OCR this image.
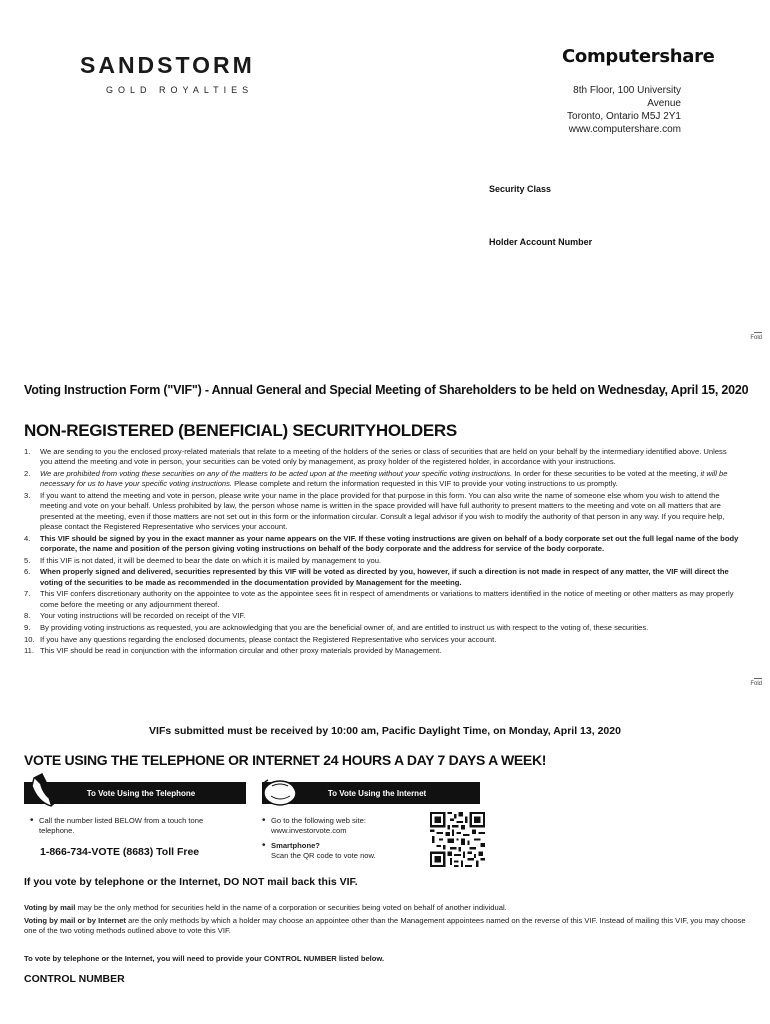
SANDSTORM
GOLD ROYALTIES
Computershare
8th Floor, 100 University Avenue
Toronto, Ontario M5J 2Y1
www.computershare.com
Security Class
Holder Account Number
Fold
Fold
Voting Instruction Form ("VIF") - Annual General and Special Meeting of Shareholders to be held on Wednesday, April 15, 2020
NON-REGISTERED (BENEFICIAL) SECURITYHOLDERS
1.	We are sending to you the enclosed proxy-related materials that relate to a meeting of the holders of the series or class of securities that are held on your behalf by the intermediary identified above. Unless you attend the meeting and vote in person, your securities can be voted only by management, as proxy holder of the registered holder, in accordance with your instructions.
2.	We are prohibited from voting these securities on any of the matters to be acted upon at the meeting without your specific voting instructions. In order for these securities to be voted at the meeting, it will be necessary for us to have your specific voting instructions. Please complete and return the information requested in this VIF to provide your voting instructions to us promptly.
3.	If you want to attend the meeting and vote in person, please write your name in the place provided for that purpose in this form. You can also write the name of someone else whom you wish to attend the meeting and vote on your behalf. Unless prohibited by law, the person whose name is written in the space provided will have full authority to present matters to the meeting and vote on all matters that are presented at the meeting, even if those matters are not set out in this form or the information circular. Consult a legal advisor if you wish to modify the authority of that person in any way. If you require help, please contact the Registered Representative who services your account.
4.	This VIF should be signed by you in the exact manner as your name appears on the VIF. If these voting instructions are given on behalf of a body corporate set out the full legal name of the body corporate, the name and position of the person giving voting instructions on behalf of the body corporate and the address for service of the body corporate.
5.	If this VIF is not dated, it will be deemed to bear the date on which it is mailed by management to you.
6.	When properly signed and delivered, securities represented by this VIF will be voted as directed by you, however, if such a direction is not made in respect of any matter, the VIF will direct the voting of the securities to be made as recommended in the documentation provided by Management for the meeting.
7.	This VIF confers discretionary authority on the appointee to vote as the appointee sees fit in respect of amendments or variations to matters identified in the notice of meeting or other matters as may properly come before the meeting or any adjournment thereof.
8.	Your voting instructions will be recorded on receipt of the VIF.
9.	By providing voting instructions as requested, you are acknowledging that you are the beneficial owner of, and are entitled to instruct us with respect to the voting of, these securities.
10. If you have any questions regarding the enclosed documents, please contact the Registered Representative who services your account.
11. This VIF should be read in conjunction with the information circular and other proxy materials provided by Management.
VIFs submitted must be received by 10:00 am, Pacific Daylight Time, on Monday, April 13, 2020
VOTE USING THE TELEPHONE OR INTERNET 24 HOURS A DAY 7 DAYS A WEEK!
To Vote Using the Telephone	To Vote Using the Internet
• Call the number listed BELOW from a touch tone telephone.
1-866-734-VOTE (8683) Toll Free
• Go to the following web site:
www.investorvote.com
• Smartphone?
Scan the QR code to vote now.
If you vote by telephone or the Internet, DO NOT mail back this VIF.
Voting by mail may be the only method for securities held in the name of a corporation or securities being voted on behalf of another individual.
Voting by mail or by Internet are the only methods by which a holder may choose an appointee other than the Management appointees named on the reverse of this VIF. Instead of mailing this VIF, you may choose one of the two voting methods outlined above to vote this VIF.
To vote by telephone or the Internet, you will need to provide your CONTROL NUMBER listed below.
CONTROL NUMBER
